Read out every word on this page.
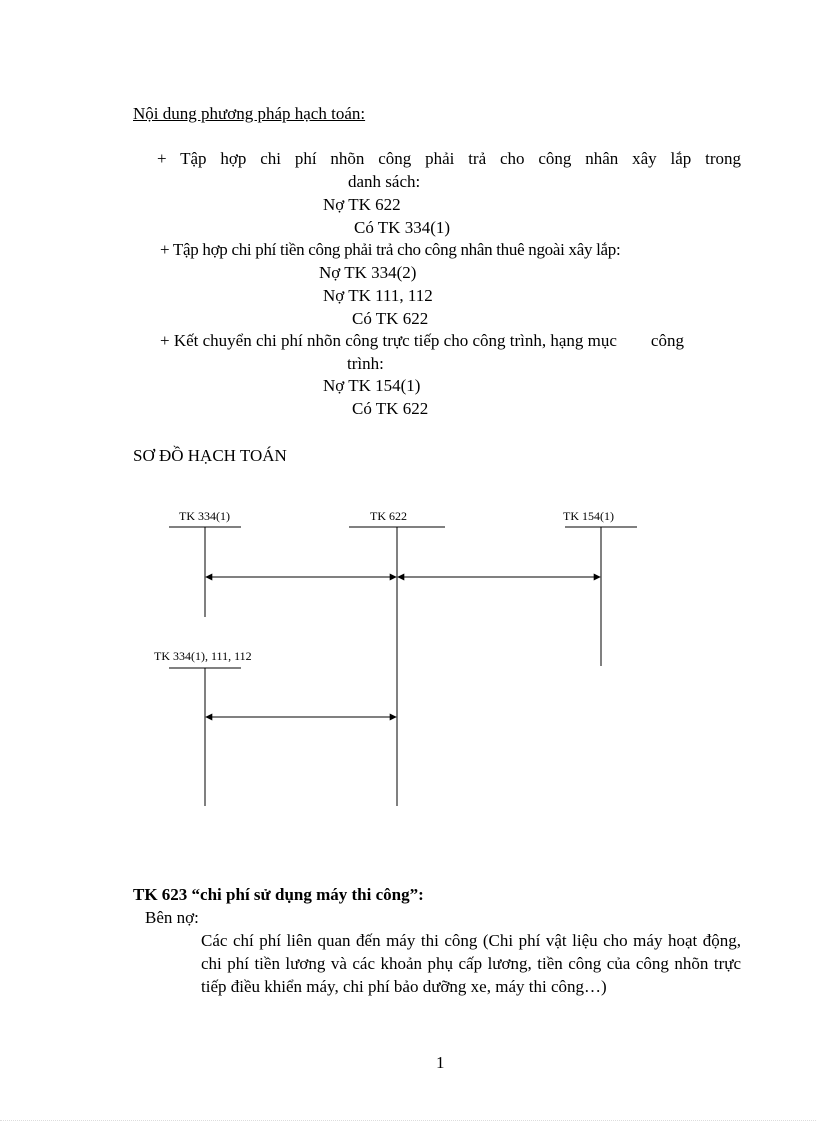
Nội dung phương pháp hạch toán:
+ Tập hợp chi phí nhõn công phải trả cho công nhân xây lắp trong
danh sách:
Nợ TK 622
Có TK 334(1)
+ Tập hợp chi phí tiền công phải trả cho công nhân thuê ngoài xây lắp:
Nợ TK 334(2)
Nợ TK 111, 112
Có TK 622
+ Kết chuyển chi phí nhõn công trực tiếp cho công trình, hạng mục        công
trình:
Nợ TK 154(1)
Có TK 622
SƠ ĐỒ HẠCH TOÁN
TK 334(1)	TK 622	TK 154(1)
TK 334(1), 111, 112
TK 623 “chi phí sử dụng máy thi công”:
Bên nợ:
Các chí phí liên quan đến máy thi công (Chi phí vật liệu cho máy hoạt động, chi phí tiền lương và các khoản phụ cấp lương, tiền công của công nhõn trực tiếp điều khiển máy, chi phí bảo dưỡng xe, máy thi công…)
1
